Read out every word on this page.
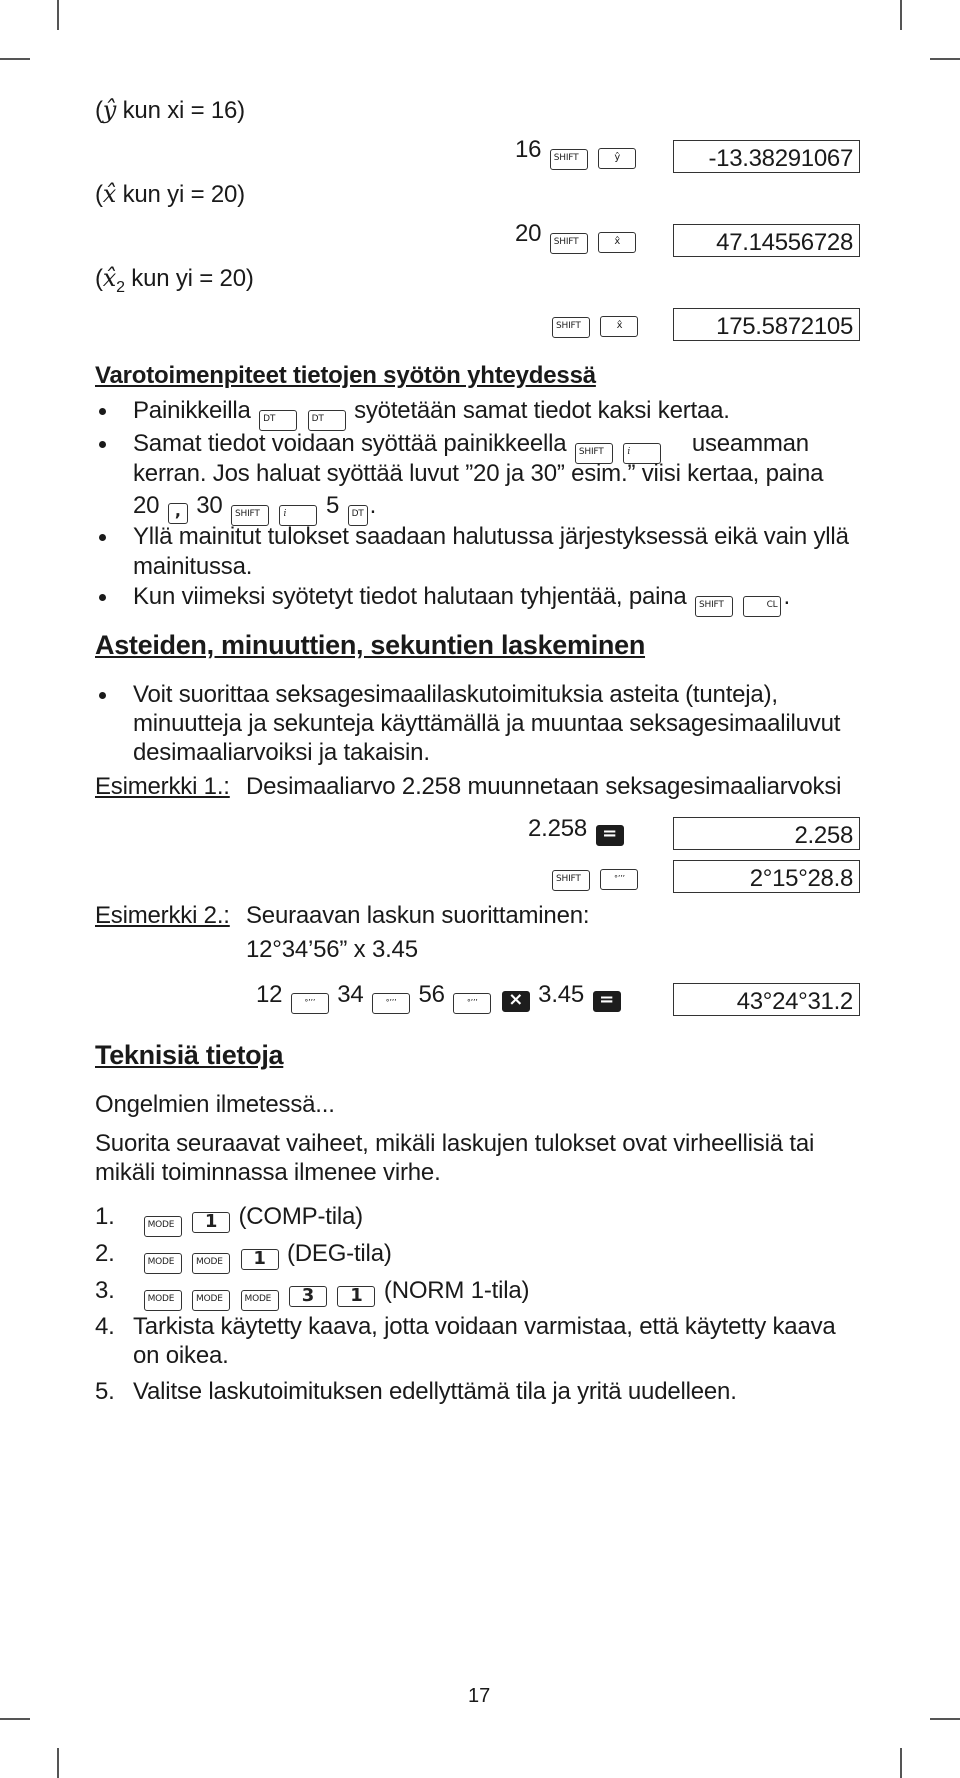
(ŷ kun xi = 16)
16 SHIFT	ŷ	-13.38291067
(x̂ kun yi = 20)
20 SHIFT	x̂	47.14556728
($x̂_2$ kun yi = 20)
SHIFT	x̂	175.5872105
Varotoimenpiteet tietojen syötön yhteydessä
Painikkeilla DT	DT syötetään samat tiedot kaksi kertaa.
Samat tiedot voidaan syöttää painikkeella SHIFT	i	useamman
kerran. Jos haluat syöttää luvut ”20 ja 30” esim.” viisi kertaa, paina
20 , 30 SHIFT	i 5 DT .
Yllä mainitut tulokset saadaan halutussa järjestyksessä eikä vain yllä
mainitussa.
Kun viimeksi syötetyt tiedot halutaan tyhjentää, paina SHIFT	CL .
Asteiden, minuuttien, sekuntien laskeminen
Voit suorittaa seksagesimaalilaskutoimituksia asteita (tunteja),
minuutteja ja sekunteja käyttämällä ja muuntaa seksagesimaaliluvut
desimaaliarvoiksi ja takaisin.
Esimerkki 1.: Desimaaliarvo 2.258 muunnetaan seksagesimaaliarvoksi
2.258 =	2.258
SHIFT	°’’’	2°15°28.8
Esimerkki 2.: Seuraavan laskun suorittaminen:
12°34’56” x 3.45
12	°’’’ 34	°’’’ 56	°’’’ × 3.45 =	43°24°31.2
Teknisiä tietoja
Ongelmien ilmetessä...
Suorita seuraavat vaiheet, mikäli laskujen tulokset ovat virheellisiä tai
mikäli toiminnassa ilmenee virhe.
1.	MODE 1 (COMP-tila)
2.	MODE MODE 1 (DEG-tila)
3.	MODE MODE MODE 3 1 (NORM 1-tila)
4. Tarkista käytetty kaava, jotta voidaan varmistaa, että käytetty kaava
on oikea.
5. Valitse laskutoimituksen edellyttämä tila ja yritä uudelleen.
17
